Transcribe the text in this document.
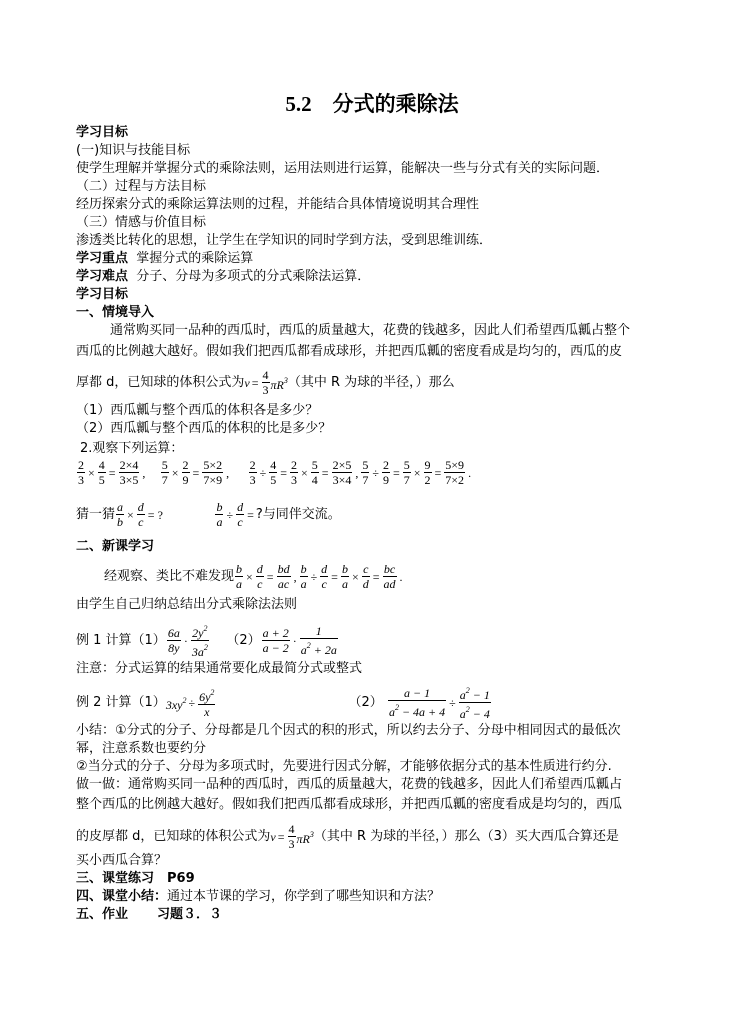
5.2　分式的乘除法
学习目标
(一)知识与技能目标
使学生理解并掌握分式的乘除法则，运用法则进行运算，能解决一些与分式有关的实际问题．
（二）过程与方法目标
经历探索分式的乘除运算法则的过程，并能结合具体情境说明其合理性
（三）情感与价值目标
渗透类比转化的思想，让学生在学知识的同时学到方法，受到思维训练．
学习重点 掌握分式的乘除运算
学习难点 分子、分母为多项式的分式乘除法运算．
学习目标
一、情境导入
通常购买同一品种的西瓜时，西瓜的质量越大，花费的钱越多，因此人们希望西瓜瓤占整个
西瓜的比例越大越好。假如我们把西瓜都看成球形，并把西瓜瓤的密度看成是均匀的，西瓜的皮
厚都 d，已知球的体积公式为$v = \frac{4}{3} \pi R^3$（其中 R 为球的半径，）那么
（1）西瓜瓤与整个西瓜的体积各是多少？
（2）西瓜瓤与整个西瓜的体积的比是多少？
2.观察下列运算：
$\frac{2}{3} \times \frac{4}{5} = \frac{2\times 4}{3\times 5}$ , $\frac{5}{7} \times \frac{2}{9} = \frac{5\times 2}{7\times 9}$ , $\frac{2}{3} \div \frac{4}{5} = \frac{2}{3} \times \frac{5}{4} = \frac{2\times 5}{3\times 4}$ , $\frac{5}{7} \div \frac{2}{9} = \frac{5}{7} \times \frac{9}{2} = \frac{5\times 9}{7\times 2}$ .
猜一猜 $\frac{a}{b} \times \frac{d}{c}$ = ?	$\frac{b}{a} \div \frac{d}{c}$ = ?与同伴交流。
二、新课学习
经观察、类比不难发现 $\frac{b}{a} \times \frac{d}{c} = \frac{bd}{ac}$ , $\frac{b}{a} \div \frac{d}{c} = \frac{b}{a} \times \frac{c}{d} = \frac{bc}{ad}$ .
由学生自己归纳总结出分式乘除法法则
例 1 计算$(1) \frac{6a}{8y} \cdot \frac{2y^2}{3a^2} (2) \frac{a + 2}{a - 2} \cdot \frac{1}{a^2 + 2a}$
注意：分式运算的结果通常要化成最简分式或整式
例 2 计算$(1)3xy^2 \div \frac{6y^2}{x}$	$(2) \frac{a - 1}{a^2 - 4a + 4} \div \frac{a^2 - 1}{a^2 - 4}$
小结：①分式的分子、分母都是几个因式的积的形式，所以约去分子、分母中相同因式的最低次
幂，注意系数也要约分
②当分式的分子、分母为多项式时，先要进行因式分解，才能够依据分式的基本性质进行约分.
做一做：通常购买同一品种的西瓜时，西瓜的质量越大，花费的钱越多，因此人们希望西瓜瓤占
整个西瓜的比例越大越好。假如我们把西瓜都看成球形，并把西瓜瓤的密度看成是均匀的，西瓜
的皮厚都 d，已知球的体积公式为$v = \frac{4}{3} \pi R^3$（其中 R 为球的半径，）那么（3）买大西瓜合算还是
买小西瓜合算？
三、课堂练习　P69
四、课堂小结：通过本节课的学习，你学到了哪些知识和方法？
五、作业 习题３．３
